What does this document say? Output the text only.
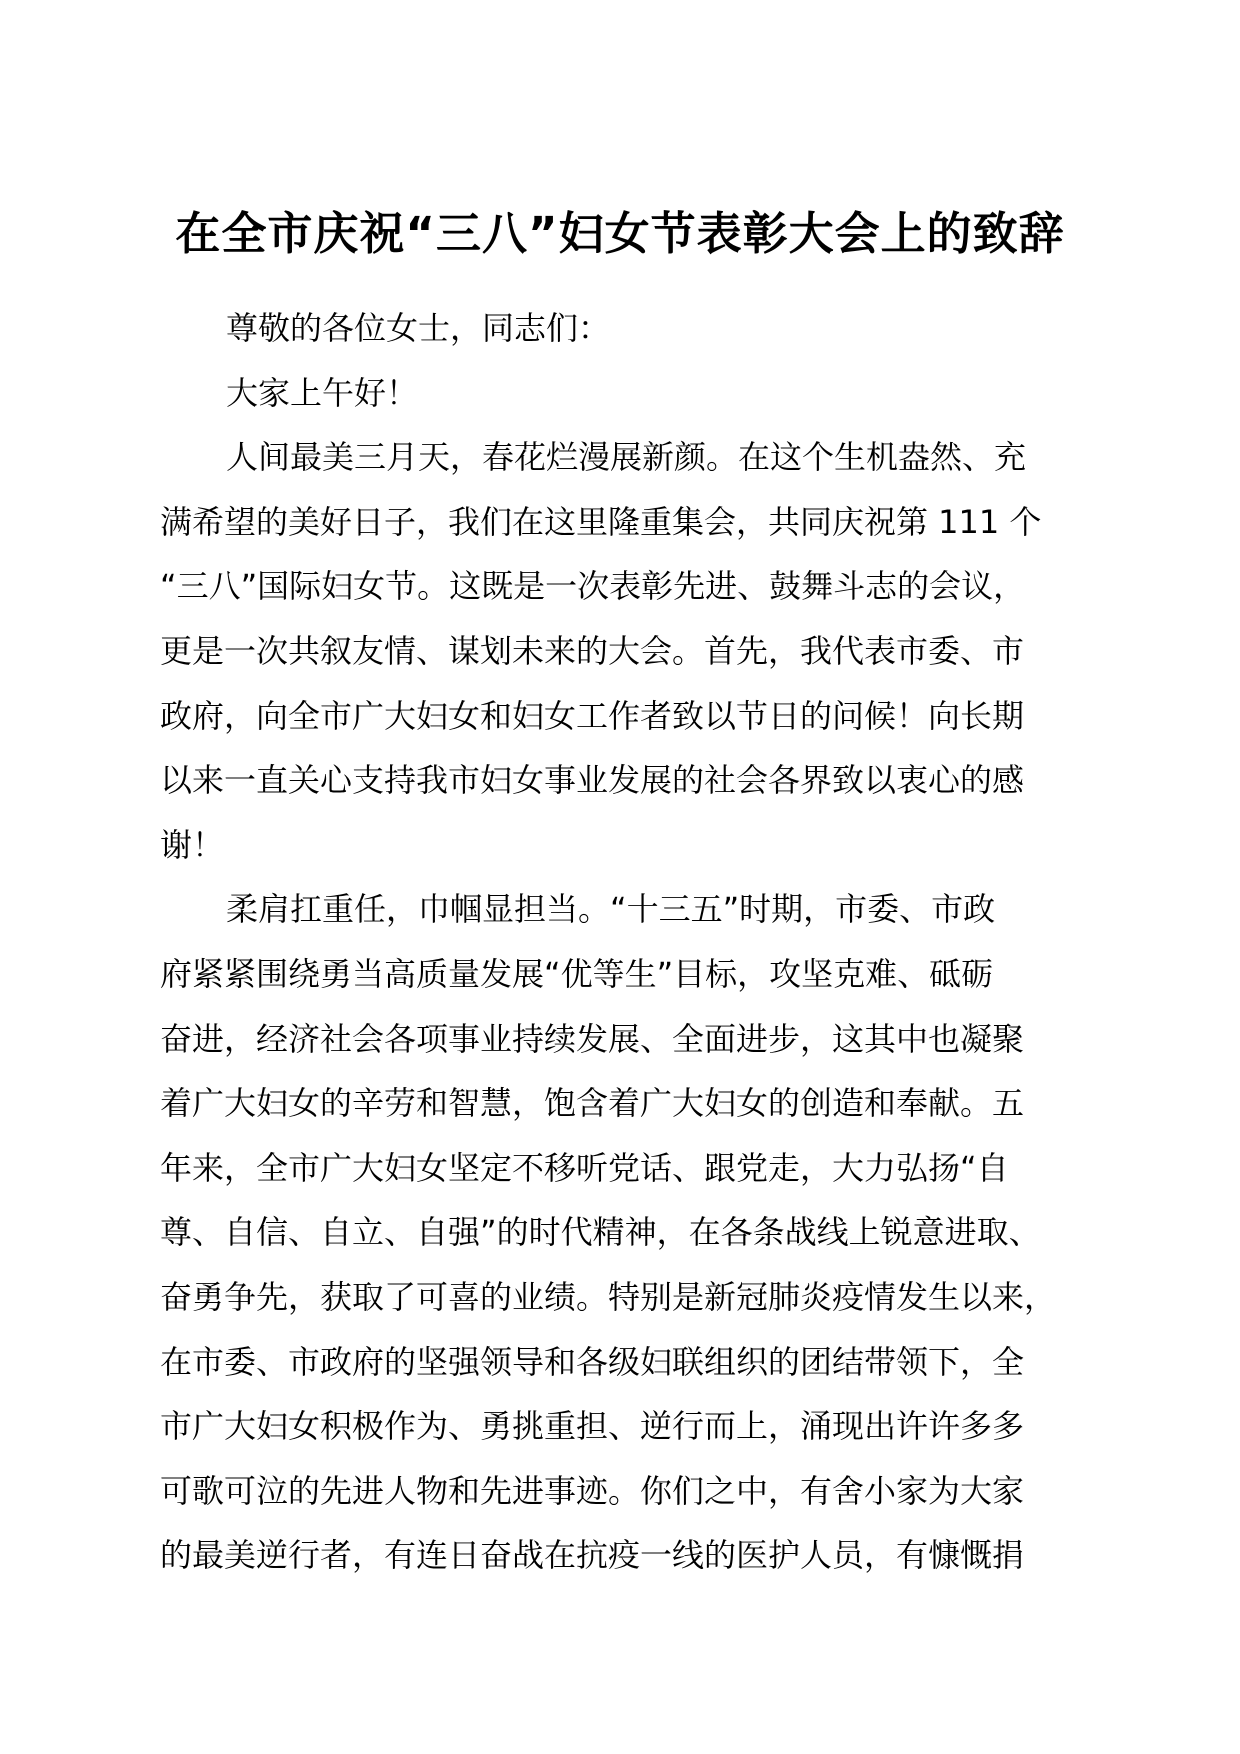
在全市庆祝“三八”妇女节表彰大会上的致辞
尊敬的各位女士，同志们：
大家上午好！
人间最美三月天，春花烂漫展新颜。在这个生机盎然、充
满希望的美好日子，我们在这里隆重集会，共同庆祝第 111 个
“三八”国际妇女节。这既是一次表彰先进、鼓舞斗志的会议，
更是一次共叙友情、谋划未来的大会。首先，我代表市委、市
政府，向全市广大妇女和妇女工作者致以节日的问候！向长期
以来一直关心支持我市妇女事业发展的社会各界致以衷心的感
谢！
柔肩扛重任，巾帼显担当。“十三五”时期，市委、市政
府紧紧围绕勇当高质量发展“优等生”目标，攻坚克难、砥砺
奋进，经济社会各项事业持续发展、全面进步，这其中也凝聚
着广大妇女的辛劳和智慧，饱含着广大妇女的创造和奉献。五
年来，全市广大妇女坚定不移听党话、跟党走，大力弘扬“自
尊、自信、自立、自强”的时代精神，在各条战线上锐意进取、
奋勇争先，获取了可喜的业绩。特别是新冠肺炎疫情发生以来，
在市委、市政府的坚强领导和各级妇联组织的团结带领下，全
市广大妇女积极作为、勇挑重担、逆行而上，涌现出许许多多
可歌可泣的先进人物和先进事迹。你们之中，有舍小家为大家
的最美逆行者，有连日奋战在抗疫一线的医护人员，有慷慨捐
